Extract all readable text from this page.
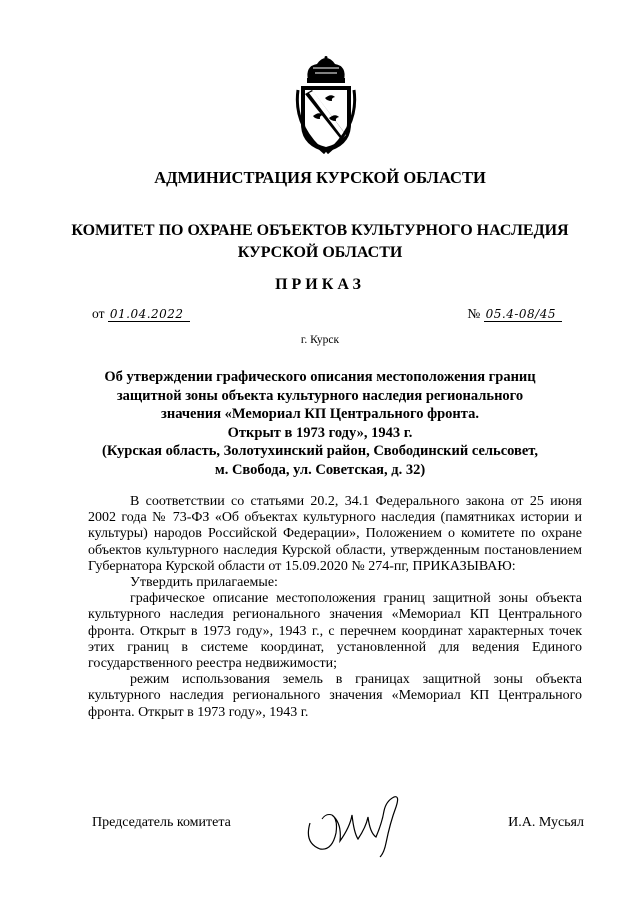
АДМИНИСТРАЦИЯ КУРСКОЙ ОБЛАСТИ
КОМИТЕТ ПО ОХРАНЕ ОБЪЕКТОВ КУЛЬТУРНОГО НАСЛЕДИЯ
КУРСКОЙ ОБЛАСТИ
ПРИКАЗ
от 01.04.2022	№ 05.4-08/45
г. Курск
Об утверждении графического описания местоположения границ
защитной зоны объекта культурного наследия регионального
значения «Мемориал КП Центрального фронта.
Открыт в 1973 году», 1943 г.
(Курская область, Золотухинский район, Свободинский сельсовет,
м. Свобода, ул. Советская, д. 32)

В соответствии со статьями 20.2, 34.1 Федерального закона от 25 июня 2002 года № 73-ФЗ «Об объектах культурного наследия (памятниках истории и культуры) народов Российской Федерации», Положением о комитете по охране объектов культурного наследия Курской области, утвержденным постановлением Губернатора Курской области от 15.09.2020 № 274-пг, ПРИКАЗЫВАЮ:

Утвердить прилагаемые:

графическое описание местоположения границ защитной зоны объекта культурного наследия регионального значения «Мемориал КП Центрального фронта. Открыт в 1973 году», 1943 г., с перечнем координат характерных точек этих границ в системе координат, установленной для ведения Единого государственного реестра недвижимости;

режим использования земель в границах защитной зоны объекта культурного наследия регионального значения «Мемориал КП Центрального фронта. Открыт в 1973 году», 1943 г.

Председатель комитета	И.А. Мусьял
